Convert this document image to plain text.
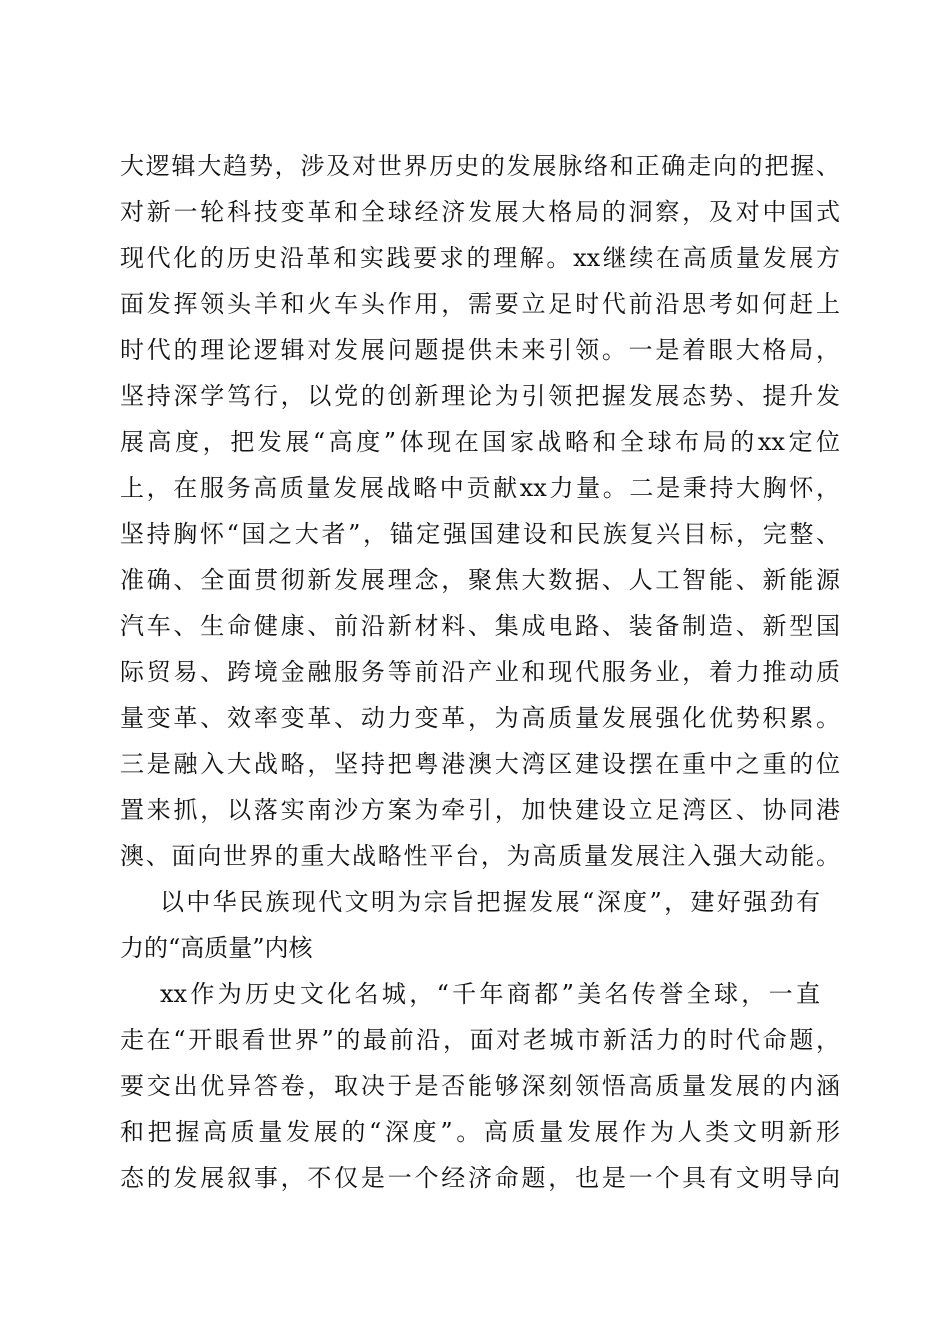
大逻辑大趋势，涉及对世界历史的发展脉络和正确走向的把握、

对新一轮科技变革和全球经济发展大格局的洞察，及对中国式

现代化的历史沿革和实践要求的理解。xx继续在高质量发展方

面发挥领头羊和火车头作用，需要立足时代前沿思考如何赶上

时代的理论逻辑对发展问题提供未来引领。一是着眼大格局，

坚持深学笃行，以党的创新理论为引领把握发展态势、提升发

展高度，把发展“高度”体现在国家战略和全球布局的xx定位

上，在服务高质量发展战略中贡献xx力量。二是秉持大胸怀，

坚持胸怀“国之大者”，锚定强国建设和民族复兴目标，完整、

准确、全面贯彻新发展理念，聚焦大数据、人工智能、新能源

汽车、生命健康、前沿新材料、集成电路、装备制造、新型国

际贸易、跨境金融服务等前沿产业和现代服务业，着力推动质

量变革、效率变革、动力变革，为高质量发展强化优势积累。

三是融入大战略，坚持把粤港澳大湾区建设摆在重中之重的位

置来抓，以落实南沙方案为牵引，加快建设立足湾区、协同港

澳、面向世界的重大战略性平台，为高质量发展注入强大动能。

以中华民族现代文明为宗旨把握发展“深度”，建好强劲有

力的“高质量”内核

xx作为历史文化名城，“千年商都”美名传誉全球，一直

走在“开眼看世界”的最前沿，面对老城市新活力的时代命题，

要交出优异答卷，取决于是否能够深刻领悟高质量发展的内涵

和把握高质量发展的“深度”。高质量发展作为人类文明新形

态的发展叙事，不仅是一个经济命题，也是一个具有文明导向
